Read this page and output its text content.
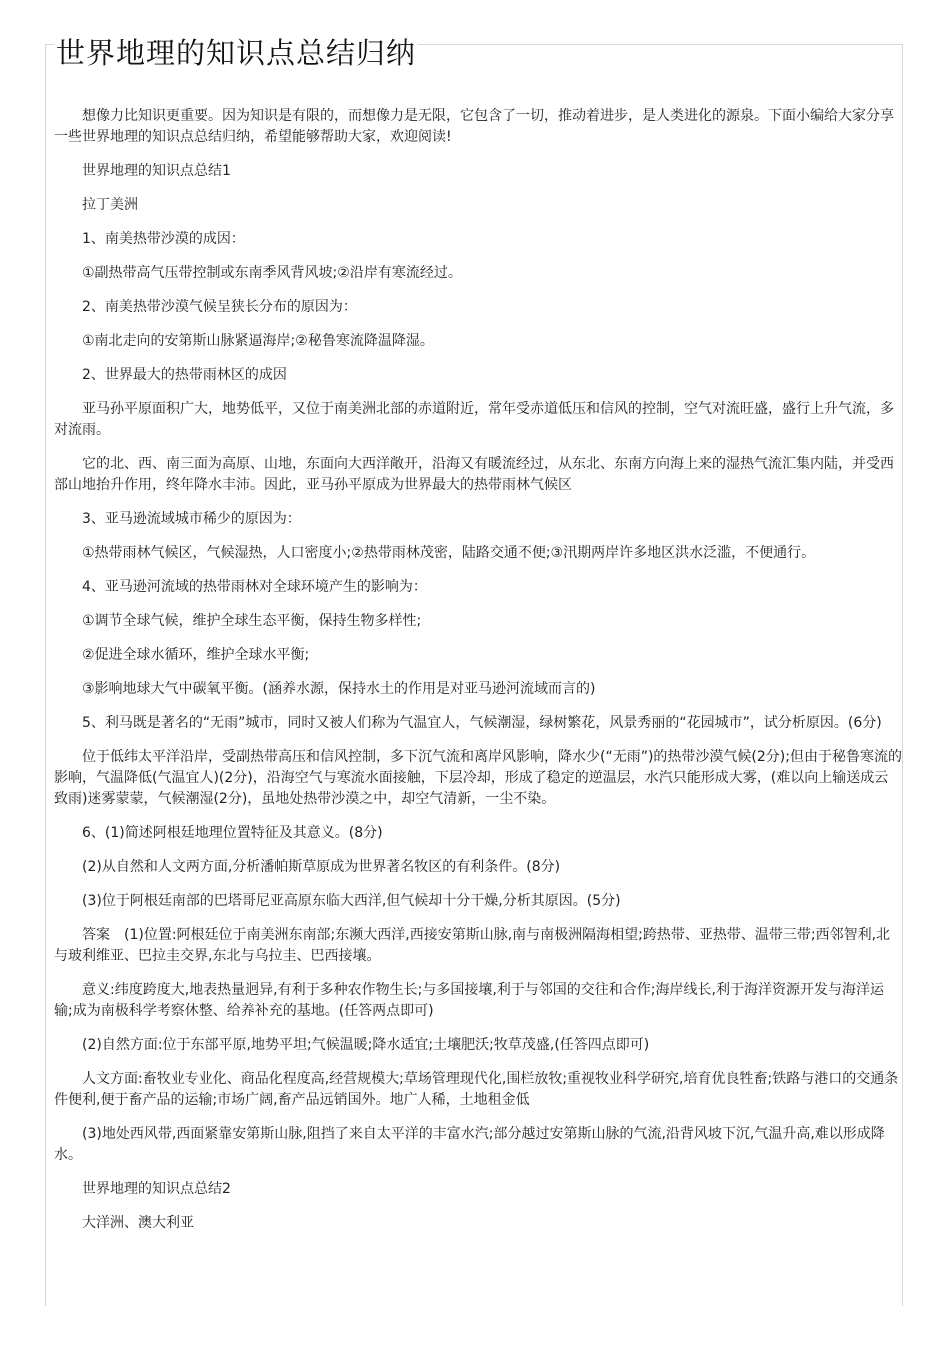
世界地理的知识点总结归纳

想像力比知识更重要。因为知识是有限的，而想像力是无限，它包含了一切，推动着进步，是人类进化的源泉。下面小编给大家分享一些世界地理的知识点总结归纳，希望能够帮助大家，欢迎阅读!

世界地理的知识点总结1

拉丁美洲

1、南美热带沙漠的成因：

①副热带高气压带控制或东南季风背风坡;②沿岸有寒流经过。

2、南美热带沙漠气候呈狭长分布的原因为：

①南北走向的安第斯山脉紧逼海岸;②秘鲁寒流降温降湿。

2、世界最大的热带雨林区的成因

亚马孙平原面积广大，地势低平，又位于南美洲北部的赤道附近，常年受赤道低压和信风的控制，空气对流旺盛，盛行上升气流，多对流雨。

它的北、西、南三面为高原、山地，东面向大西洋敞开，沿海又有暖流经过，从东北、东南方向海上来的湿热气流汇集内陆，并受西部山地抬升作用，终年降水丰沛。因此，亚马孙平原成为世界最大的热带雨林气候区

3、亚马逊流域城市稀少的原因为：

①热带雨林气候区，气候湿热，人口密度小;②热带雨林茂密，陆路交通不便;③汛期两岸许多地区洪水泛滥，不便通行。

4、亚马逊河流域的热带雨林对全球环境产生的影响为：

①调节全球气候，维护全球生态平衡，保持生物多样性;

②促进全球水循环，维护全球水平衡;

③影响地球大气中碳氧平衡。(涵养水源，保持水土的作用是对亚马逊河流域而言的)

5、利马既是著名的“无雨”城市，同时又被人们称为气温宜人，气候潮湿，绿树繁花，风景秀丽的“花园城市”，试分析原因。(6分)

位于低纬太平洋沿岸，受副热带高压和信风控制，多下沉气流和离岸风影响，降水少(“无雨”)的热带沙漠气候(2分);但由于秘鲁寒流的影响，气温降低(气温宜人)(2分)，沿海空气与寒流水面接触，下层冷却，形成了稳定的逆温层，水汽只能形成大雾，(难以向上输送成云致雨)迷雾蒙蒙，气候潮湿(2分)，虽地处热带沙漠之中，却空气清新，一尘不染。

6、(1)简述阿根廷地理位置特征及其意义。(8分)

(2)从自然和人文两方面,分析潘帕斯草原成为世界著名牧区的有利条件。(8分)

(3)位于阿根廷南部的巴塔哥尼亚高原东临大西洋,但气候却十分干燥,分析其原因。(5分)

答案　(1)位置:阿根廷位于南美洲东南部;东濒大西洋,西接安第斯山脉,南与南极洲隔海相望;跨热带、亚热带、温带三带;西邻智利,北与玻利维亚、巴拉圭交界,东北与乌拉圭、巴西接壤。

意义:纬度跨度大,地表热量迥异,有利于多种农作物生长;与多国接壤,利于与邻国的交往和合作;海岸线长,利于海洋资源开发与海洋运输;成为南极科学考察休整、给养补充的基地。(任答两点即可)

(2)自然方面:位于东部平原,地势平坦;气候温暖;降水适宜;土壤肥沃;牧草茂盛,(任答四点即可)

人文方面:畜牧业专业化、商品化程度高,经营规模大;草场管理现代化,围栏放牧;重视牧业科学研究,培育优良牲畜;铁路与港口的交通条件便利,便于畜产品的运输;市场广阔,畜产品远销国外。地广人稀，土地租金低

(3)地处西风带,西面紧靠安第斯山脉,阻挡了来自太平洋的丰富水汽;部分越过安第斯山脉的气流,沿背风坡下沉,气温升高,难以形成降水。

世界地理的知识点总结2

大洋洲、澳大利亚
